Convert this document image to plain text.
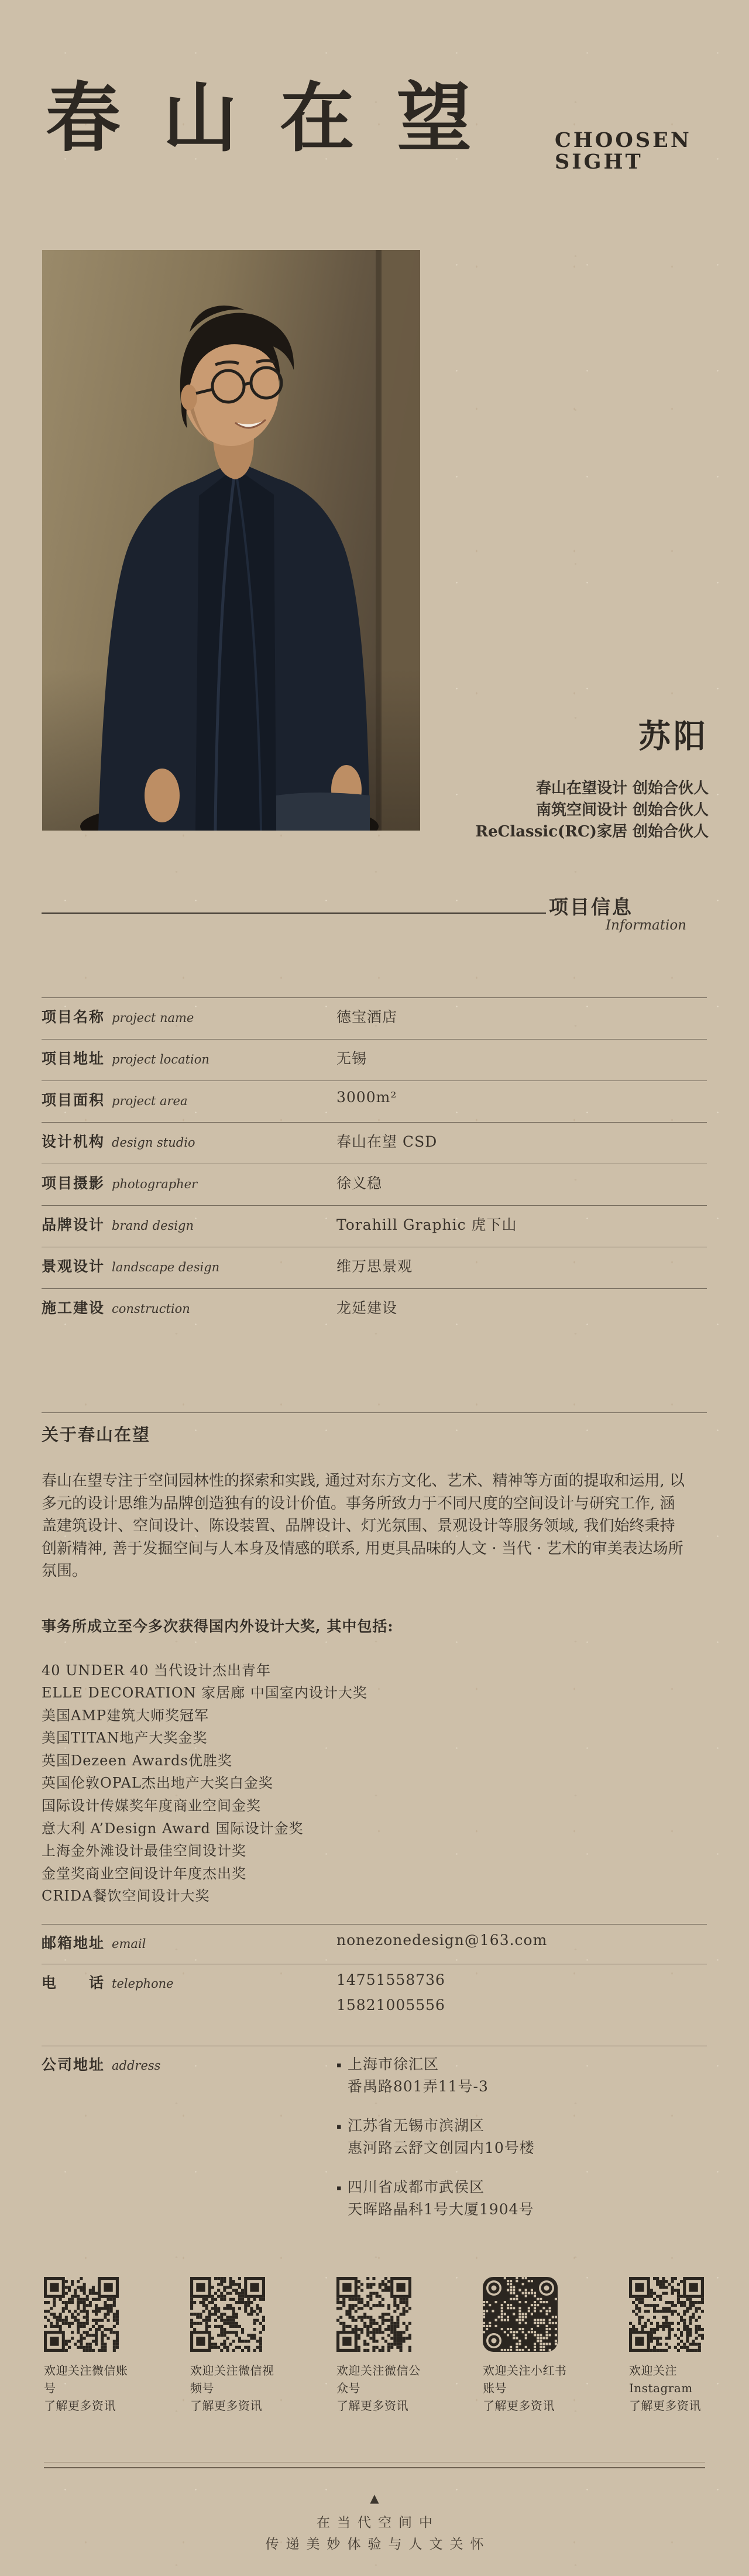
春山在望 CHOOSEN
SIGHT
苏阳
春山在望设计 创始合伙人
南筑空间设计 创始合伙人
ReClassic(RC)家居 创始合伙人
项目信息
Information
项目名称 project name	德宝酒店
项目地址 project location	无锡
项目面积 project area	3000m²
设计机构 design studio	春山在望 CSD
项目摄影 photographer	徐义稳
品牌设计 brand design	Torahill Graphic 虎下山
景观设计 landscape design	维万思景观
施工建设 construction	龙延建设
关于春山在望

春山在望专注于空间园林性的探索和实践, 通过对东方文化、艺术、精神等方面的提取和运用, 以多元的设计思维为品牌创造独有的设计价值。事务所致力于不同尺度的空间设计与研究工作, 涵盖建筑设计、空间设计、陈设装置、品牌设计、灯光氛围、景观设计等服务领域, 我们始终秉持创新精神, 善于发掘空间与人本身及情感的联系, 用更具品味的人文 · 当代 · 艺术的审美表达场所氛围。

事务所成立至今多次获得国内外设计大奖, 其中包括:

40 UNDER 40 当代设计杰出青年
ELLE DECORATION 家居廊 中国室内设计大奖
美国AMP建筑大师奖冠军
美国TITAN地产大奖金奖
英国Dezeen Awards优胜奖
英国伦敦OPAL杰出地产大奖白金奖
国际设计传媒奖年度商业空间金奖
意大利 A’Design Award 国际设计金奖
上海金外滩设计最佳空间设计奖
金堂奖商业空间设计年度杰出奖
CRIDA餐饮空间设计大奖
邮箱地址 email	nonezonedesign@163.com
电　　话 telephone	14751558736

15821005556

公司地址 address	▪ 上海市徐汇区
番禺路801弄11号-3
▪ 江苏省无锡市滨湖区
惠河路云舒文创园内10号楼
▪ 四川省成都市武侯区
天晖路晶科1号大厦1904号

欢迎关注微信账号

了解更多资讯

欢迎关注微信视频号

了解更多资讯

欢迎关注微信公众号

了解更多资讯

欢迎关注小红书账号

了解更多资讯

欢迎关注Instagram

了解更多资讯

▲
在当代空间中
传递美妙体验与人文关怀
